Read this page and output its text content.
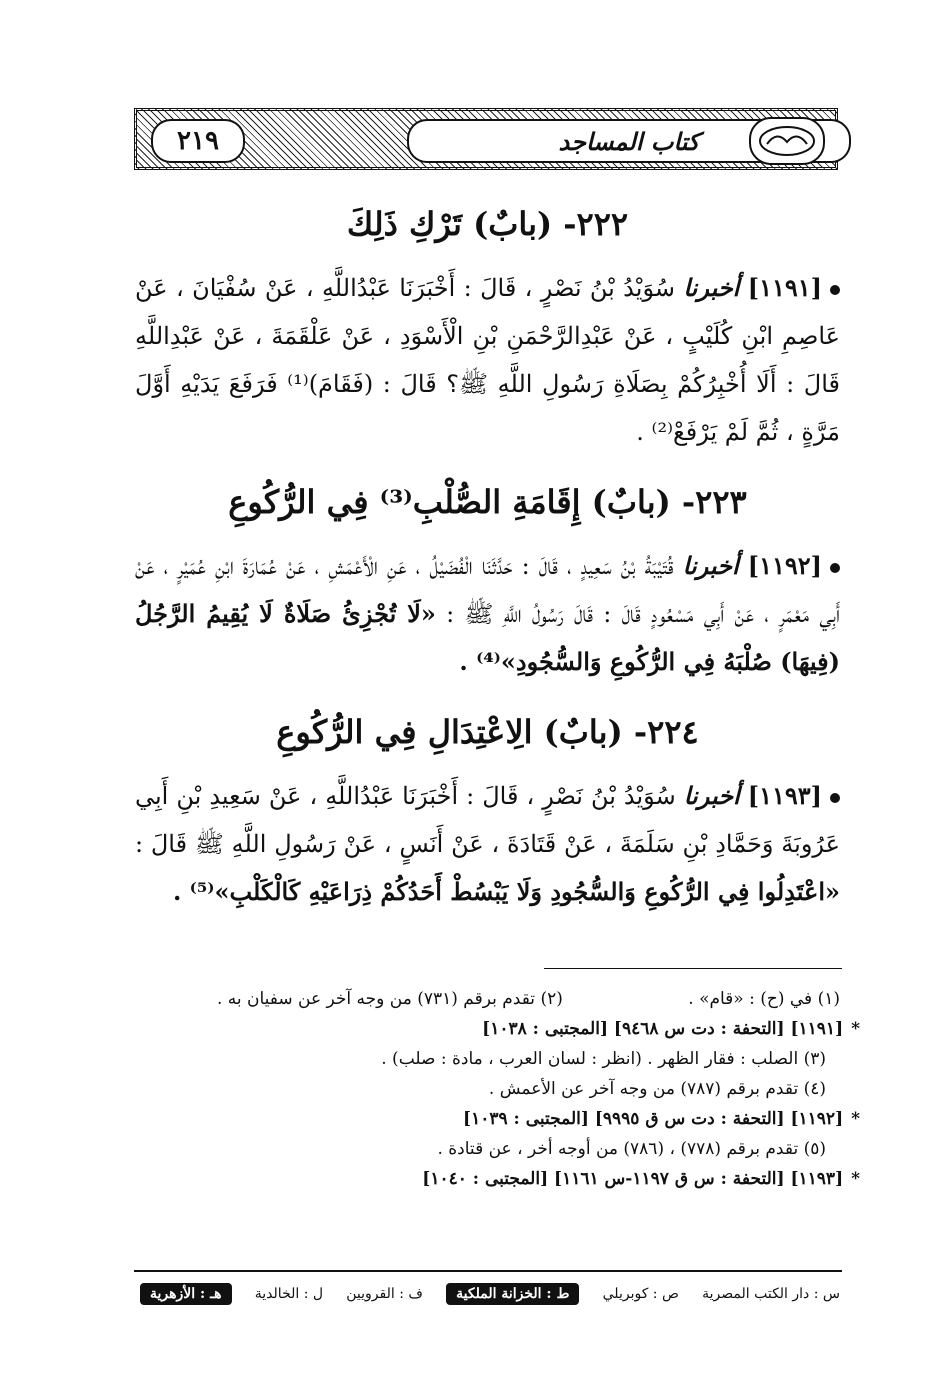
٢١٩	كتاب المساجد
٢٢٢- (بابٌ) تَرْكِ ذَلِكَ

[١١٩١] أخبرنا سُوَيْدُ بْنُ نَصْرٍ ، قَالَ : أَخْبَرَنَا عَبْدُاللَّهِ ، عَنْ سُفْيَانَ ، عَنْ عَاصِمِ ابْنِ كُلَيْبٍ ، عَنْ عَبْدِالرَّحْمَنِ بْنِ الْأَسْوَدِ ، عَنْ عَلْقَمَةَ ، عَنْ عَبْدِاللَّهِ قَالَ : أَلَا أُخْبِرُكُمْ بِصَلَاةِ رَسُولِ اللَّهِ ﷺ؟ قَالَ : (فَقَامَ)⁽¹⁾ فَرَفَعَ يَدَيْهِ أَوَّلَ مَرَّةٍ ، ثُمَّ لَمْ يَرْفَعْ⁽²⁾ .

٢٢٣- (بابٌ) إِقَامَةِ الصُّلْبِ⁽³⁾ فِي الرُّكُوعِ

[١١٩٢] أخبرنا قُتَيْبَةُ بْنُ سَعِيدٍ ، قَالَ : حَدَّثَنَا الْفُضَيْلُ ، عَنِ الْأَعْمَشِ ، عَنْ عُمَارَةَ ابْنِ عُمَيْرٍ ، عَنْ أَبِي مَعْمَرٍ ، عَنْ أَبِي مَسْعُودٍ قَالَ : قَالَ رَسُولُ اللَّهِ ﷺ : «لَا تُجْزِئُ صَلَاةٌ لَا يُقِيمُ الرَّجُلُ (فِيهَا) صُلْبَهُ فِي الرُّكُوعِ وَالسُّجُودِ»⁽⁴⁾ .

٢٢٤- (بابٌ) الِاعْتِدَالِ فِي الرُّكُوعِ

[١١٩٣] أخبرنا سُوَيْدُ بْنُ نَصْرٍ ، قَالَ : أَخْبَرَنَا عَبْدُاللَّهِ ، عَنْ سَعِيدِ بْنِ أَبِي عَرُوبَةَ وَحَمَّادِ بْنِ سَلَمَةَ ، عَنْ قَتَادَةَ ، عَنْ أَنَسٍ ، عَنْ رَسُولِ اللَّهِ ﷺ قَالَ : «اعْتَدِلُوا فِي الرُّكُوعِ وَالسُّجُودِ وَلَا يَبْسُطْ أَحَدُكُمْ ذِرَاعَيْهِ كَالْكَلْبِ»⁽⁵⁾ .

(١) في (ح) : «قام» . (٢) تقدم برقم (٧٣١) من وجه آخر عن سفيان به .
*[١١٩١] [التحفة : دت س ٩٤٦٨] [المجتبى : ١٠٣٨]
(٣) الصلب : فقار الظهر . (انظر : لسان العرب ، مادة : صلب) .
(٤) تقدم برقم (٧٨٧) من وجه آخر عن الأعمش .
*[١١٩٢] [التحفة : دت س ق ٩٩٩٥] [المجتبى : ١٠٣٩]
(٥) تقدم برقم (٧٧٨) ، (٧٨٦) من أوجه أخر ، عن قتادة .
*[١١٩٣] [التحفة : س ق ١١٩٧-س ١١٦١] [المجتبى : ١٠٤٠]
س : دار الكتب المصرية
ص : كوبريلي
ط : الخزانة الملكية
ف : القرويين
ل : الخالدية
هـ : الأزهرية
